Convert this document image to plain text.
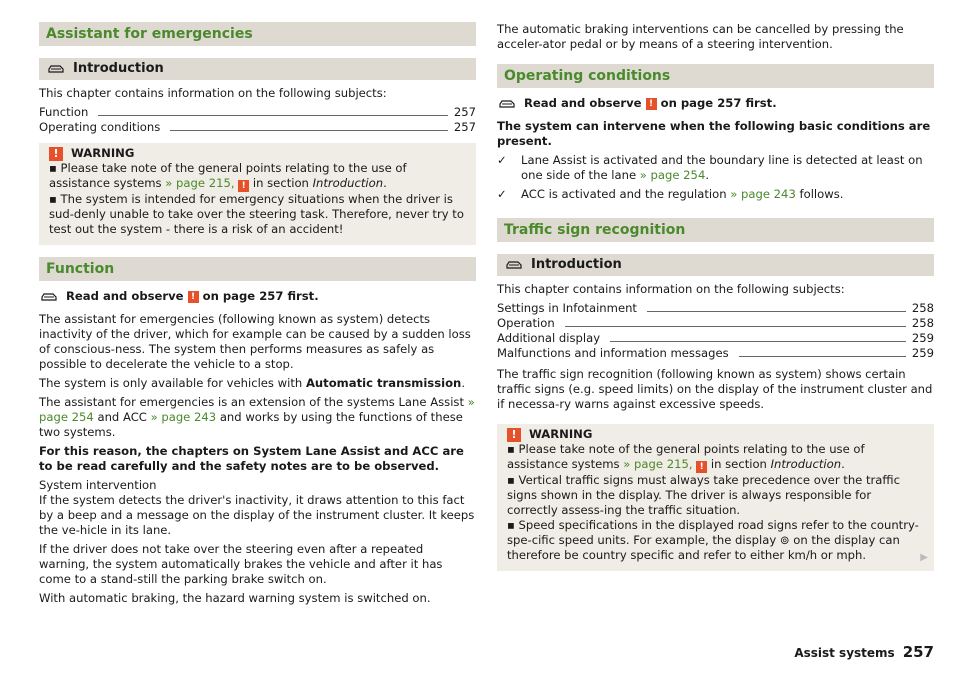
Assistant for emergencies
Introduction

This chapter contains information on the following subjects:

Function	257
Operating conditions	257
!	WARNING

▪ Please take note of the general points relating to the use of assistance systems » page 215, ! in section Introduction.

▪ The system is intended for emergency situations when the driver is sud-denly unable to take over the steering task. Therefore, never try to test out the system - there is a risk of an accident!

Function
Read and observe
!
on page 257 first.

The assistant for emergencies (following known as system) detects inactivity of the driver, which for example can be caused by a sudden loss of conscious-ness. The system then performs measures as safely as possible to decelerate the vehicle to a stop.

The system is only available for vehicles with Automatic transmission.

The assistant for emergencies is an extension of the systems Lane Assist » page 254 and ACC » page 243 and works by using the functions of these two systems.

For this reason, the chapters on System Lane Assist and ACC are to be read carefully and the safety notes are to be observed.

System intervention

If the system detects the driver's inactivity, it draws attention to this fact by a beep and a message on the display of the instrument cluster. It keeps the ve-hicle in its lane.

If the driver does not take over the steering even after a repeated warning, the system automatically brakes the vehicle and after it has come to a stand-still the parking brake switch on.

With automatic braking, the hazard warning system is switched on.

The automatic braking interventions can be cancelled by pressing the acceler-ator pedal or by means of a steering intervention.

Operating conditions
Read and observe
!
on page 257 first.

The system can intervene when the following basic conditions are present.

✓	Lane Assist is activated and the boundary line is detected at least on one side of the lane » page 254.
✓	ACC is activated and the regulation » page 243 follows.
Traffic sign recognition
Introduction

This chapter contains information on the following subjects:

Settings in Infotainment	258
Operation	258
Additional display	259
Malfunctions and information messages	259

The traffic sign recognition (following known as system) shows certain traffic signs (e.g. speed limits) on the display of the instrument cluster and if necessa-ry warns against excessive speeds.

!	WARNING

▪ Please take note of the general points relating to the use of assistance systems » page 215, ! in section Introduction.

▪ Vertical traffic signs must always take precedence over the traffic signs shown in the display. The driver is always responsible for correctly assess-ing the traffic situation.

▪ Speed specifications in the displayed road signs refer to the country-spe-cific speed units. For example, the display ⊚ on the display can therefore be country specific and refer to either km/h or mph.	▶
Assist systems 257
